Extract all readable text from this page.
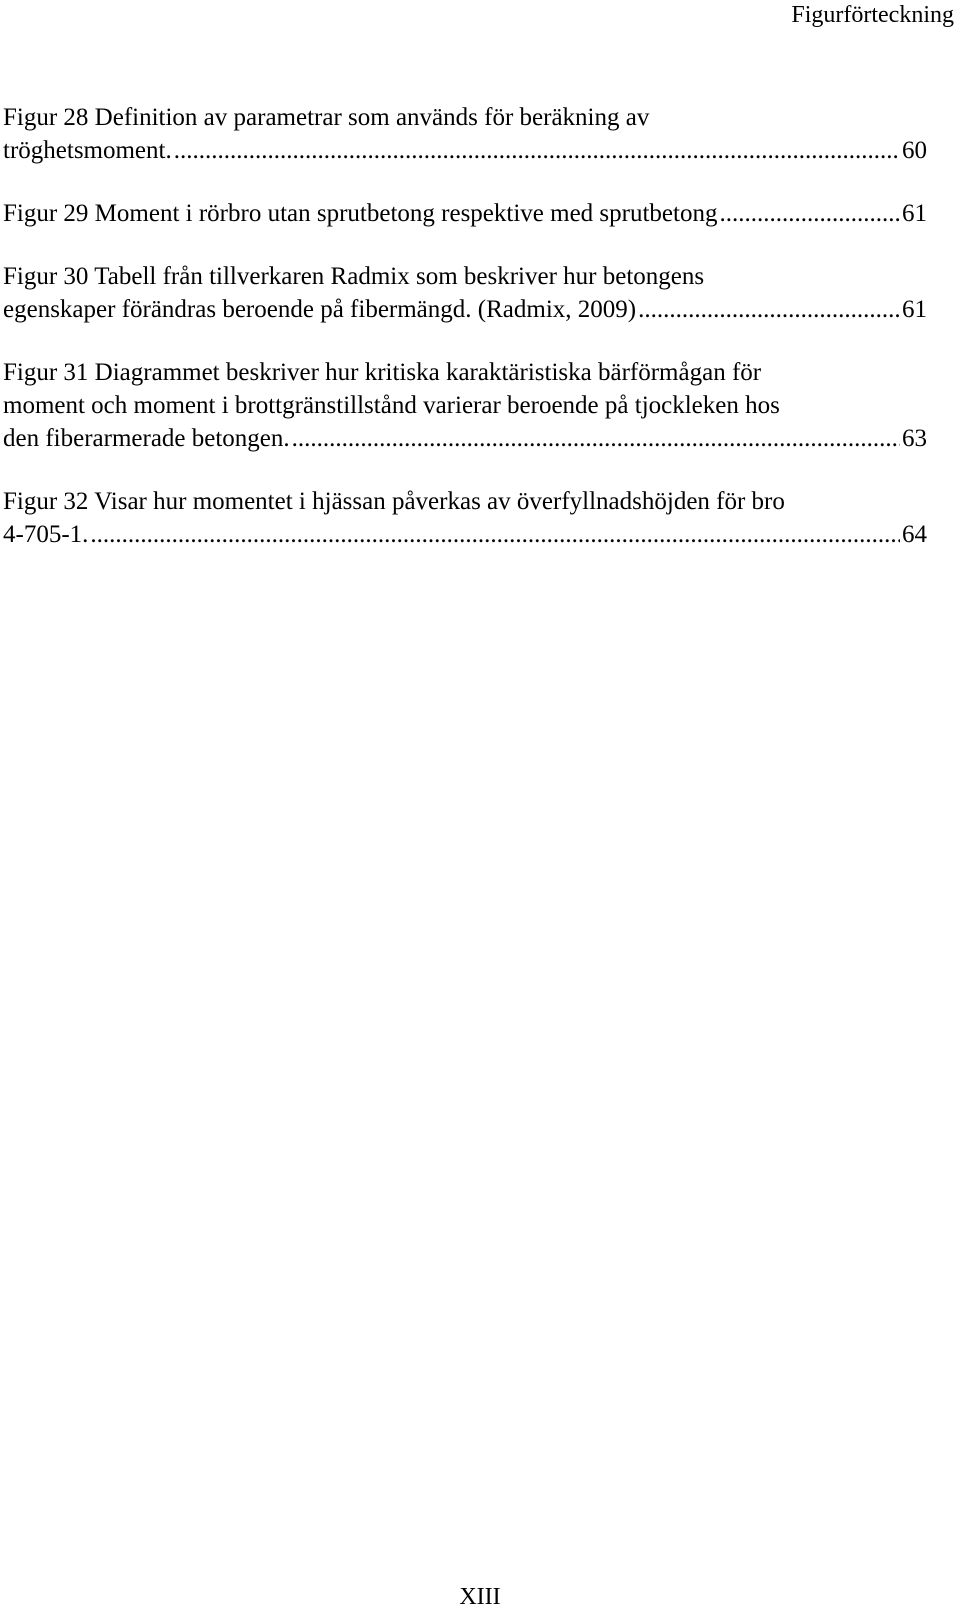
Figurförteckning
Figur 28 Definition av parametrar som används för beräkning av
tröghetsmoment. .....	60
Figur 29 Moment i rörbro utan sprutbetong respektive med sprutbetong .....	61
Figur 30 Tabell från tillverkaren Radmix som beskriver hur betongens
egenskaper förändras beroende på fibermängd. (Radmix, 2009) .....	61
Figur 31 Diagrammet beskriver hur kritiska karaktäristiska bärförmågan för
moment och moment i brottgränstillstånd varierar beroende på tjockleken hos
den fiberarmerade betongen. .....	63
Figur 32 Visar hur momentet i hjässan påverkas av överfyllnadshöjden för bro
4-705-1. .....	64
XIII
